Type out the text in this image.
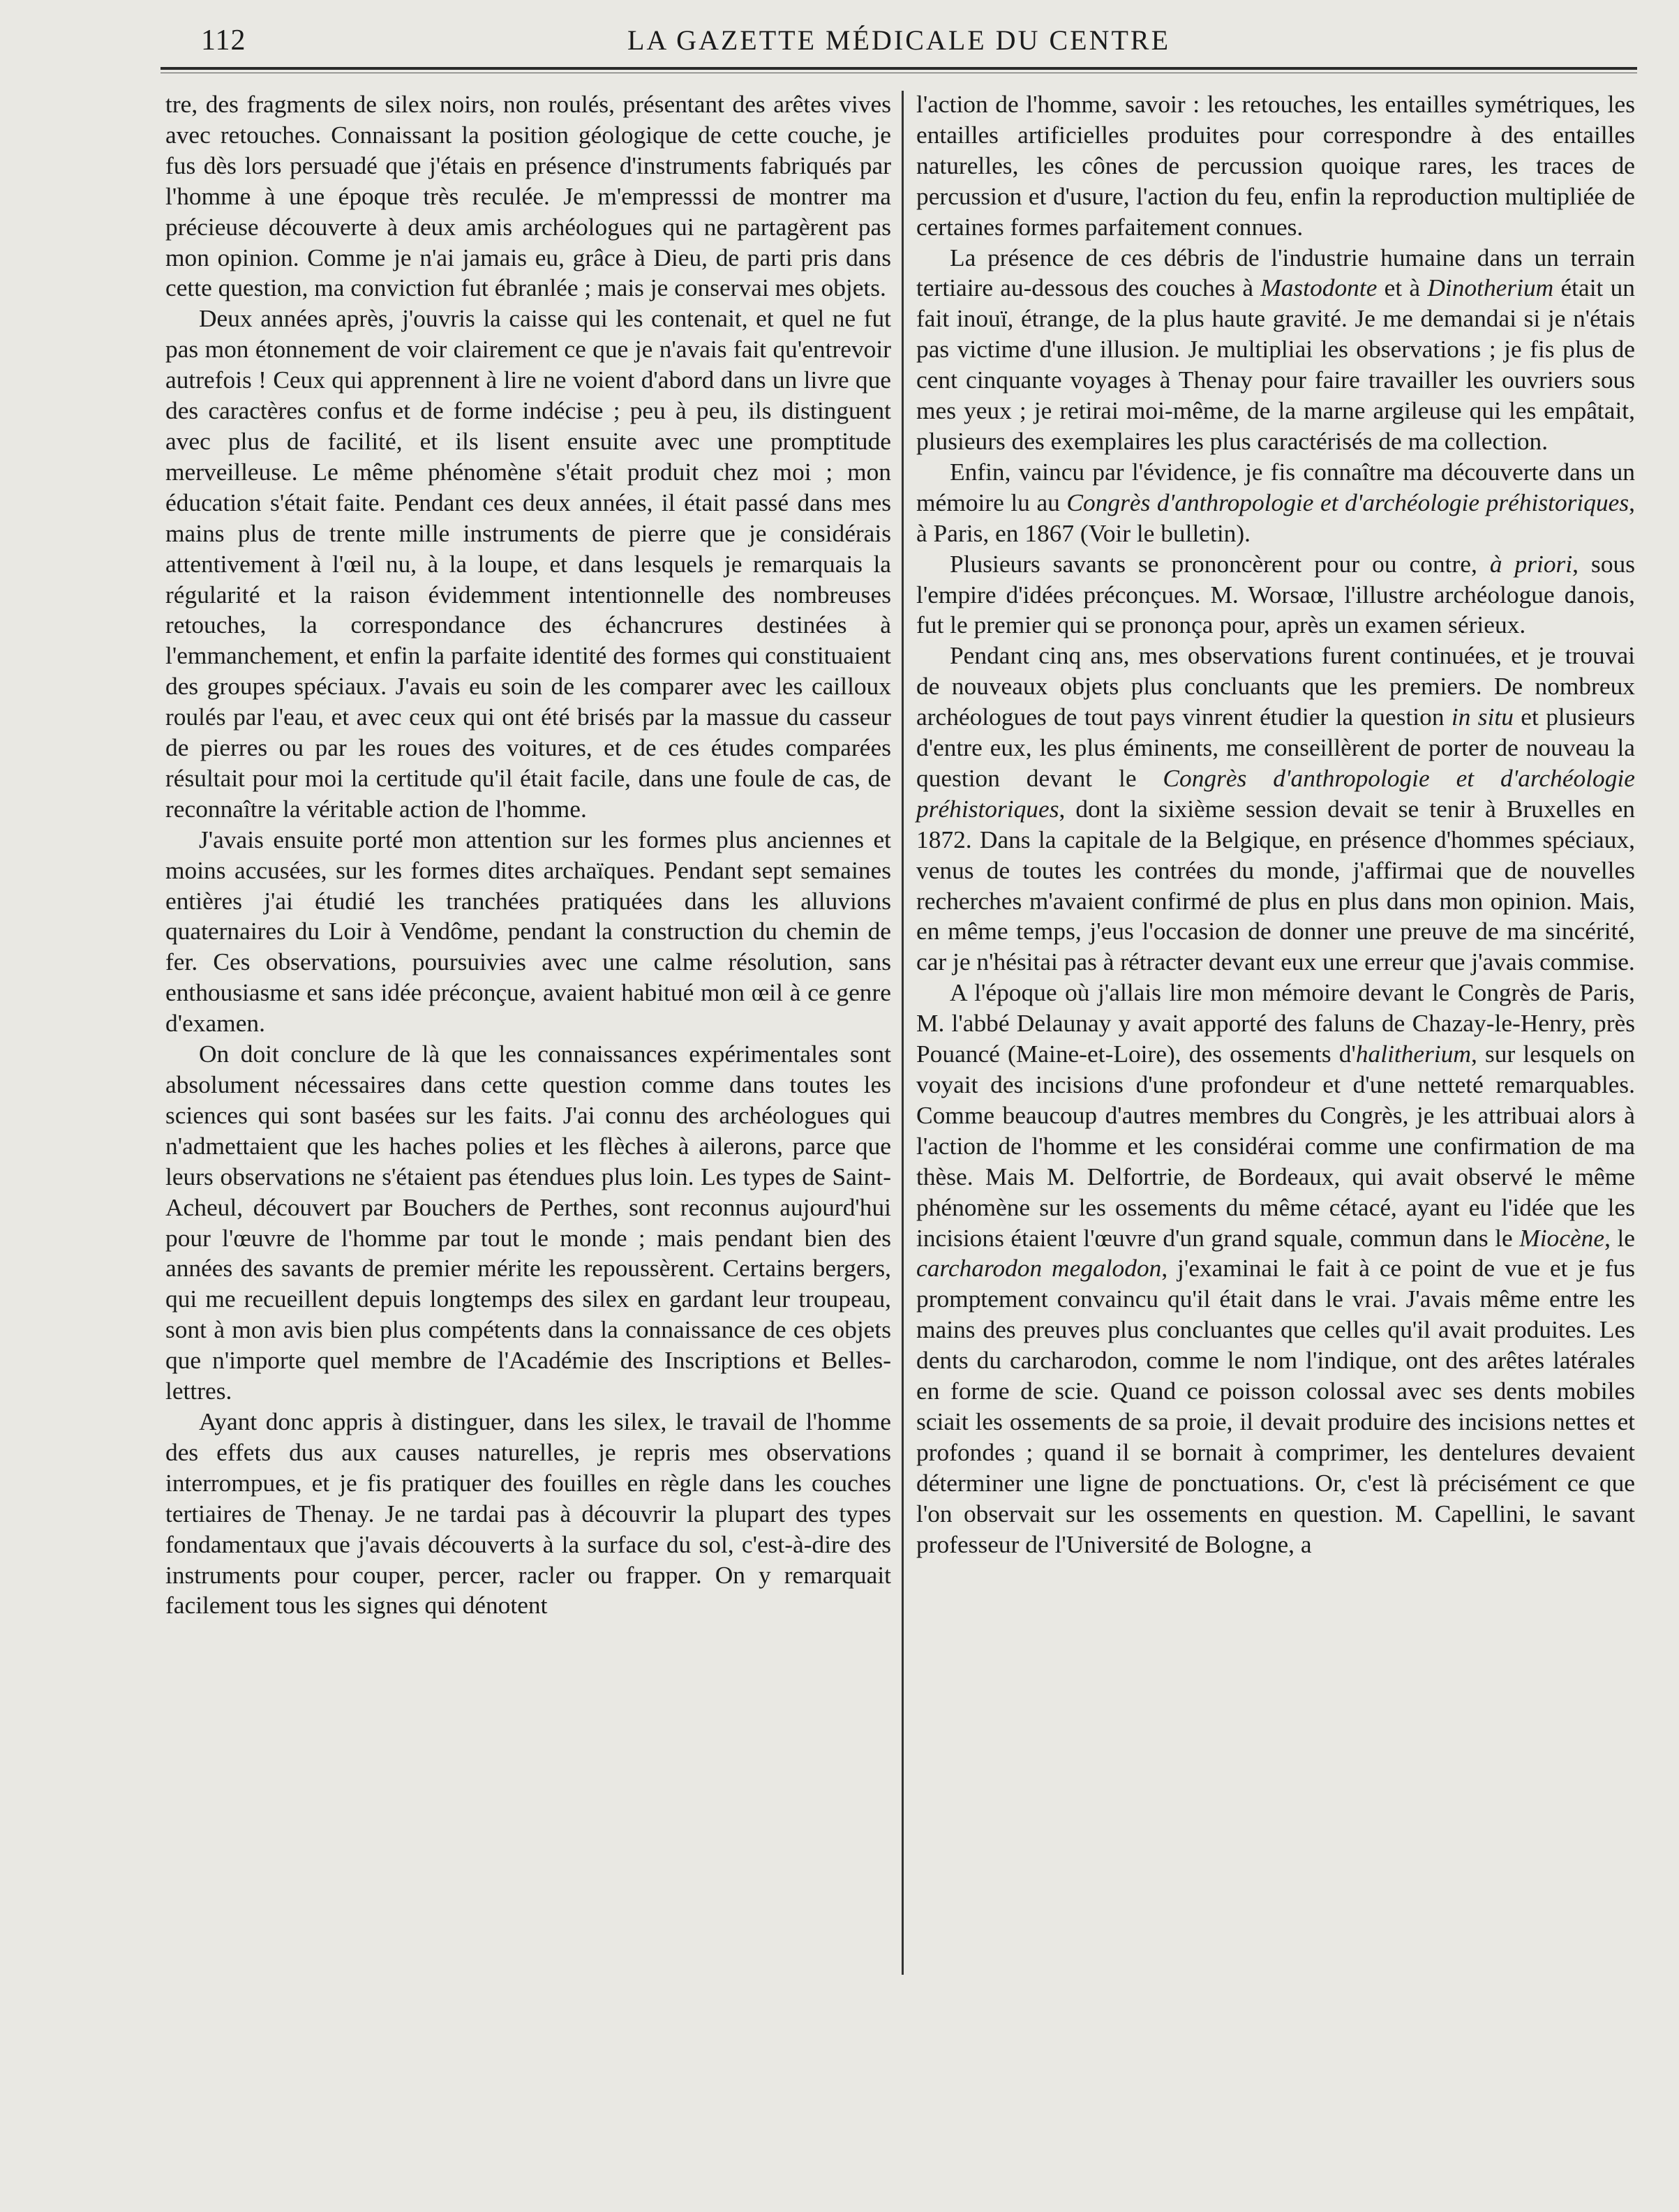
112	LA GAZETTE MÉDICALE DU CENTRE

tre, des fragments de silex noirs, non roulés, présentant des arêtes vives avec retouches. Connaissant la position géologique de cette couche, je fus dès lors persuadé que j'étais en présence d'instruments fabriqués par l'homme à une époque très reculée. Je m'empresssi de montrer ma précieuse découverte à deux amis archéologues qui ne partagèrent pas mon opinion. Comme je n'ai jamais eu, grâce à Dieu, de parti pris dans cette question, ma conviction fut ébranlée ; mais je conservai mes objets.

Deux années après, j'ouvris la caisse qui les contenait, et quel ne fut pas mon étonnement de voir clairement ce que je n'avais fait qu'entrevoir autrefois ! Ceux qui apprennent à lire ne voient d'abord dans un livre que des caractères confus et de forme indécise ; peu à peu, ils distinguent avec plus de facilité, et ils lisent ensuite avec une promptitude merveilleuse. Le même phénomène s'était produit chez moi ; mon éducation s'était faite. Pendant ces deux années, il était passé dans mes mains plus de trente mille instruments de pierre que je considérais attentivement à l'œil nu, à la loupe, et dans lesquels je remarquais la régularité et la raison évidemment intentionnelle des nombreuses retouches, la correspondance des échancrures destinées à l'emmanchement, et enfin la parfaite identité des formes qui constituaient des groupes spéciaux. J'avais eu soin de les comparer avec les cailloux roulés par l'eau, et avec ceux qui ont été brisés par la massue du casseur de pierres ou par les roues des voitures, et de ces études comparées résultait pour moi la certitude qu'il était facile, dans une foule de cas, de reconnaître la véritable action de l'homme.

J'avais ensuite porté mon attention sur les formes plus anciennes et moins accusées, sur les formes dites archaïques. Pendant sept semaines entières j'ai étudié les tranchées pratiquées dans les alluvions quaternaires du Loir à Vendôme, pendant la construction du chemin de fer. Ces observations, poursuivies avec une calme résolution, sans enthousiasme et sans idée préconçue, avaient habitué mon œil à ce genre d'examen.

On doit conclure de là que les connaissances expérimentales sont absolument nécessaires dans cette question comme dans toutes les sciences qui sont basées sur les faits. J'ai connu des archéologues qui n'admettaient que les haches polies et les flèches à ailerons, parce que leurs observations ne s'étaient pas étendues plus loin. Les types de Saint-Acheul, découvert par Bouchers de Perthes, sont reconnus aujourd'hui pour l'œuvre de l'homme par tout le monde ; mais pendant bien des années des savants de premier mérite les repoussèrent. Certains bergers, qui me recueillent depuis longtemps des silex en gardant leur troupeau, sont à mon avis bien plus compétents dans la connaissance de ces objets que n'importe quel membre de l'Académie des Inscriptions et Belles-lettres.

Ayant donc appris à distinguer, dans les silex, le travail de l'homme des effets dus aux causes naturelles, je repris mes observations interrompues, et je fis pratiquer des fouilles en règle dans les couches tertiaires de Thenay. Je ne tardai pas à découvrir la plupart des types fondamentaux que j'avais découverts à la surface du sol, c'est-à-dire des instruments pour couper, percer, racler ou frapper. On y remarquait facilement tous les signes qui dénotent

l'action de l'homme, savoir : les retouches, les entailles symétriques, les entailles artificielles produites pour correspondre à des entailles naturelles, les cônes de percussion quoique rares, les traces de percussion et d'usure, l'action du feu, enfin la reproduction multipliée de certaines formes parfaitement connues.

La présence de ces débris de l'industrie humaine dans un terrain tertiaire au-dessous des couches à Mastodonte et à Dinotherium était un fait inouï, étrange, de la plus haute gravité. Je me demandai si je n'étais pas victime d'une illusion. Je multipliai les observations ; je fis plus de cent cinquante voyages à Thenay pour faire travailler les ouvriers sous mes yeux ; je retirai moi-même, de la marne argileuse qui les empâtait, plusieurs des exemplaires les plus caractérisés de ma collection.

Enfin, vaincu par l'évidence, je fis connaître ma découverte dans un mémoire lu au Congrès d'anthropologie et d'archéologie préhistoriques, à Paris, en 1867 (Voir le bulletin).

Plusieurs savants se prononcèrent pour ou contre, à priori, sous l'empire d'idées préconçues. M. Worsaœ, l'illustre archéologue danois, fut le premier qui se prononça pour, après un examen sérieux.

Pendant cinq ans, mes observations furent continuées, et je trouvai de nouveaux objets plus concluants que les premiers. De nombreux archéologues de tout pays vinrent étudier la question in situ et plusieurs d'entre eux, les plus éminents, me conseillèrent de porter de nouveau la question devant le Congrès d'anthropologie et d'archéologie préhistoriques, dont la sixième session devait se tenir à Bruxelles en 1872. Dans la capitale de la Belgique, en présence d'hommes spéciaux, venus de toutes les contrées du monde, j'affirmai que de nouvelles recherches m'avaient confirmé de plus en plus dans mon opinion. Mais, en même temps, j'eus l'occasion de donner une preuve de ma sincérité, car je n'hésitai pas à rétracter devant eux une erreur que j'avais commise.

A l'époque où j'allais lire mon mémoire devant le Congrès de Paris, M. l'abbé Delaunay y avait apporté des faluns de Chazay-le-Henry, près Pouancé (Maine-et-Loire), des ossements d'halitherium, sur lesquels on voyait des incisions d'une profondeur et d'une netteté remarquables. Comme beaucoup d'autres membres du Congrès, je les attribuai alors à l'action de l'homme et les considérai comme une confirmation de ma thèse. Mais M. Delfortrie, de Bordeaux, qui avait observé le même phénomène sur les ossements du même cétacé, ayant eu l'idée que les incisions étaient l'œuvre d'un grand squale, commun dans le Miocène, le carcharodon megalodon, j'examinai le fait à ce point de vue et je fus promptement convaincu qu'il était dans le vrai. J'avais même entre les mains des preuves plus concluantes que celles qu'il avait produites. Les dents du carcharodon, comme le nom l'indique, ont des arêtes latérales en forme de scie. Quand ce poisson colossal avec ses dents mobiles sciait les ossements de sa proie, il devait produire des incisions nettes et profondes ; quand il se bornait à comprimer, les dentelures devaient déterminer une ligne de ponctuations. Or, c'est là précisément ce que l'on observait sur les ossements en question. M. Capellini, le savant professeur de l'Université de Bologne, a
